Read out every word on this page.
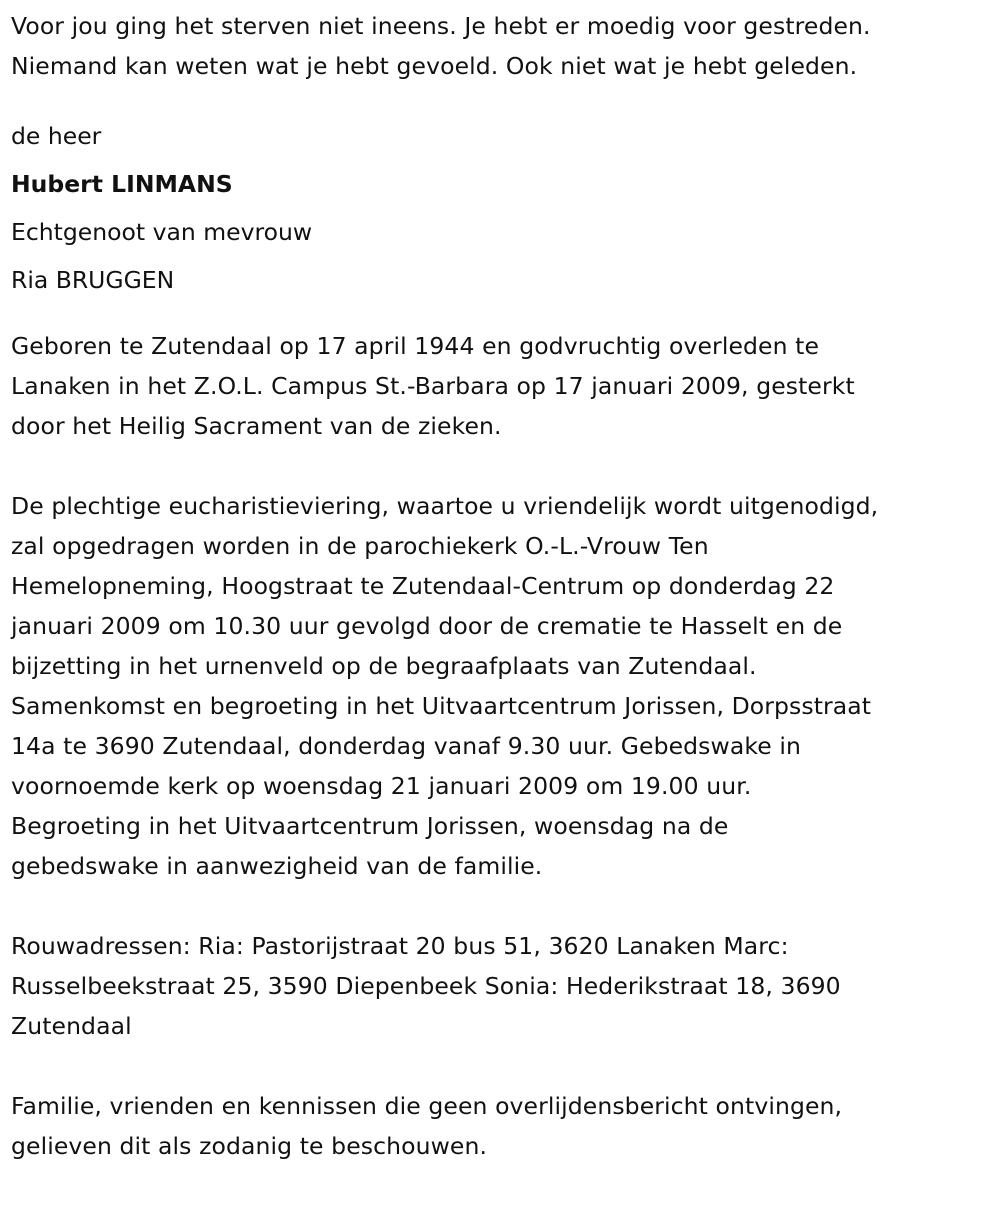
Voor jou ging het sterven niet ineens. Je hebt er moedig voor gestreden.
Niemand kan weten wat je hebt gevoeld. Ook niet wat je hebt geleden.
de heer
Hubert LINMANS
Echtgenoot van mevrouw
Ria BRUGGEN
Geboren te Zutendaal op 17 april 1944 en godvruchtig overleden te
Lanaken in het Z.O.L. Campus St.-Barbara op 17 januari 2009, gesterkt
door het Heilig Sacrament van de zieken.
De plechtige eucharistieviering, waartoe u vriendelijk wordt uitgenodigd,
zal opgedragen worden in de parochiekerk O.-L.-Vrouw Ten
Hemelopneming, Hoogstraat te Zutendaal-Centrum op donderdag 22
januari 2009 om 10.30 uur gevolgd door de crematie te Hasselt en de
bijzetting in het urnenveld op de begraafplaats van Zutendaal.
Samenkomst en begroeting in het Uitvaartcentrum Jorissen, Dorpsstraat
14a te 3690 Zutendaal, donderdag vanaf 9.30 uur. Gebedswake in
voornoemde kerk op woensdag 21 januari 2009 om 19.00 uur.
Begroeting in het Uitvaartcentrum Jorissen, woensdag na de
gebedswake in aanwezigheid van de familie.
Rouwadressen: Ria: Pastorijstraat 20 bus 51, 3620 Lanaken Marc:
Russelbeekstraat 25, 3590 Diepenbeek Sonia: Hederikstraat 18, 3690
Zutendaal
Familie, vrienden en kennissen die geen overlijdensbericht ontvingen,
gelieven dit als zodanig te beschouwen.
